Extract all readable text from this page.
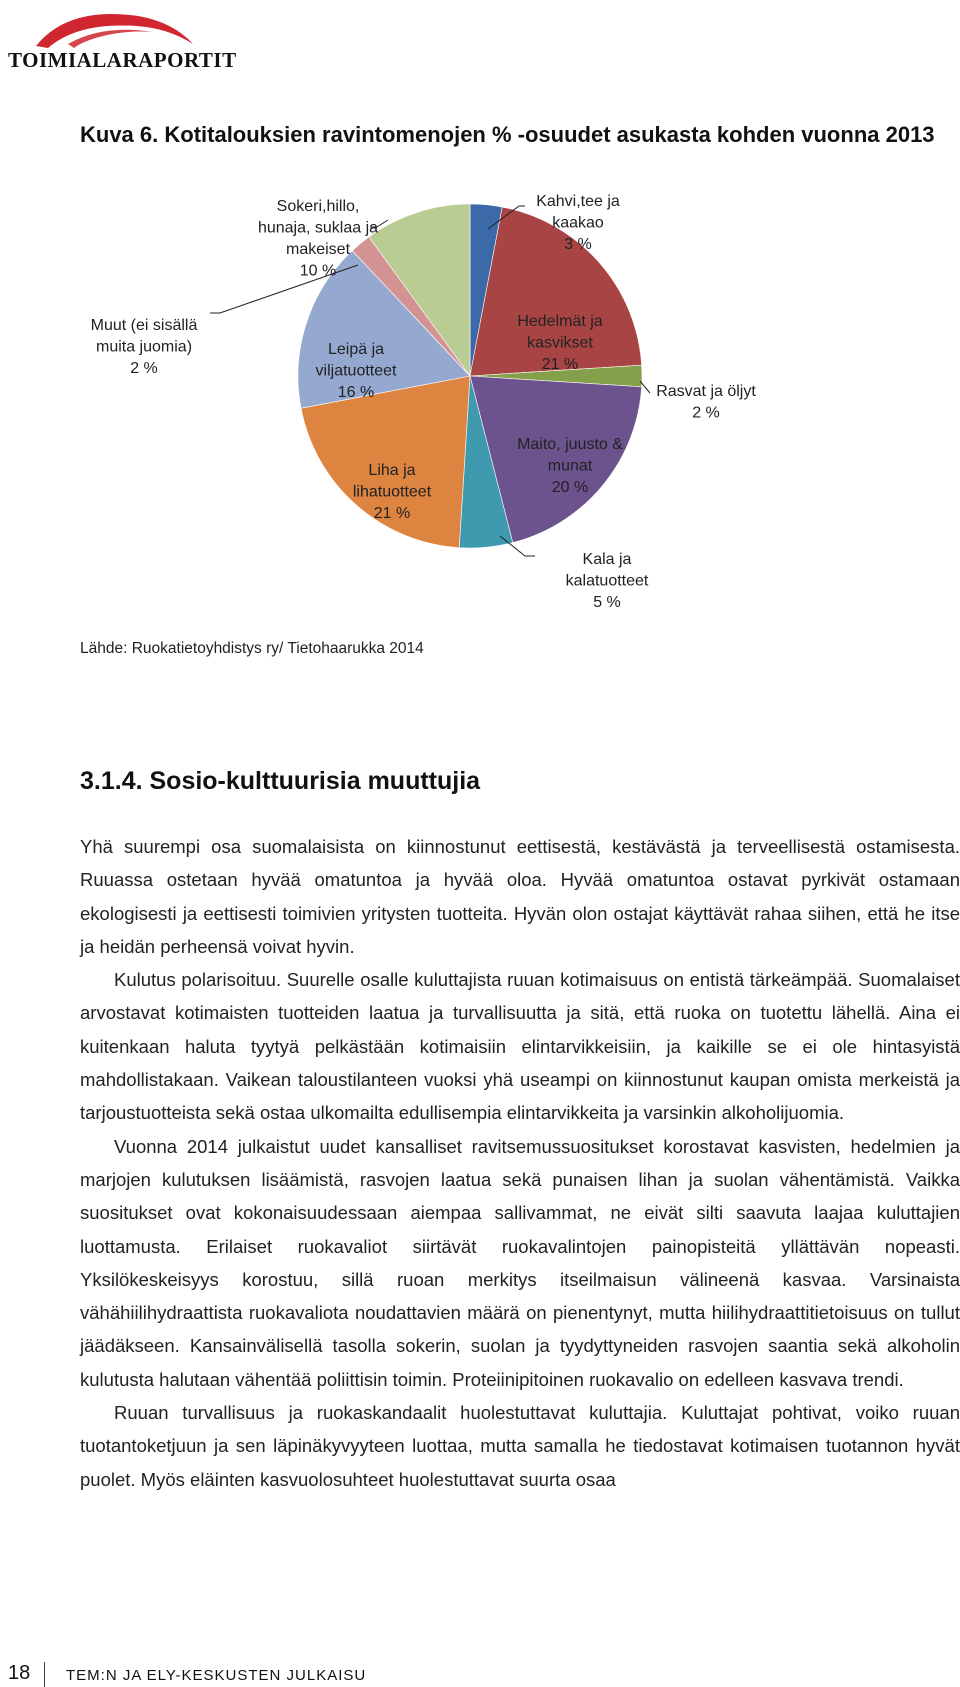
TOIMIALARAPORTIT
Kuva 6. Kotitalouksien ravintomenojen % -osuudet asukasta kohden vuonna 2013
Kahvi,tee ja kaakao 3 %
Hedelmät ja kasvikset 21 %
Rasvat ja öljyt 2 %
Maito, juusto & munat 20 %
Kala ja kalatuotteet 5 %
Liha ja lihatuotteet 21 %
Leipä ja viljatuotteet 16 %
Muut (ei sisällä muita juomia) 2 %
Sokeri,hillo, hunaja, suklaa ja makeiset 10 %
Lähde: Ruokatietoyhdistys ry/ Tietohaarukka 2014
3.1.4. Sosio-kulttuurisia muuttujia

Yhä suurempi osa suomalaisista on kiinnostunut eettisestä, kestävästä ja terveellisestä ostamisesta. Ruuassa ostetaan hyvää omatuntoa ja hyvää oloa. Hyvää omatuntoa ostavat pyrkivät ostamaan ekologisesti ja eettisesti toimivien yritysten tuotteita. Hyvän olon ostajat käyttävät rahaa siihen, että he itse ja heidän perheensä voivat hyvin.

Kulutus polarisoituu. Suurelle osalle kuluttajista ruuan kotimaisuus on entistä tärkeämpää. Suomalaiset arvostavat kotimaisten tuotteiden laatua ja turvallisuutta ja sitä, että ruoka on tuotettu lähellä. Aina ei kuitenkaan haluta tyytyä pelkästään kotimaisiin elintarvikkeisiin, ja kaikille se ei ole hintasyistä mahdollistakaan. Vaikean taloustilanteen vuoksi yhä useampi on kiinnostunut kaupan omista merkeistä ja tarjoustuotteista sekä ostaa ulkomailta edullisempia elintarvikkeita ja varsinkin alkoholijuomia.

Vuonna 2014 julkaistut uudet kansalliset ravitsemussuositukset korostavat kasvisten, hedelmien ja marjojen kulutuksen lisäämistä, rasvojen laatua sekä punaisen lihan ja suolan vähentämistä. Vaikka suositukset ovat kokonaisuudessaan aiempaa sallivammat, ne eivät silti saavuta laajaa kuluttajien luottamusta. Erilaiset ruokavaliot siirtävät ruokavalintojen painopisteitä yllättävän nopeasti. Yksilökeskeisyys korostuu, sillä ruoan merkitys itseilmaisun välineenä kasvaa. Varsinaista vähähiilihydraattista ruokavaliota noudattavien määrä on pienentynyt, mutta hiilihydraattitietoisuus on tullut jäädäkseen. Kansainvälisellä tasolla sokerin, suolan ja tyydyttyneiden rasvojen saantia sekä alkoholin kulutusta halutaan vähentää poliittisin toimin. Proteiinipitoinen ruokavalio on edelleen kasvava trendi.

Ruuan turvallisuus ja ruokaskandaalit huolestuttavat kuluttajia. Kuluttajat pohtivat, voiko ruuan tuotantoketjuun ja sen läpinäkyvyyteen luottaa, mutta samalla he tiedostavat kotimaisen tuotannon hyvät puolet. Myös eläinten kasvuolosuhteet huolestuttavat suurta osaa

18 TEM:N JA ELY-KESKUSTEN JULKAISU
